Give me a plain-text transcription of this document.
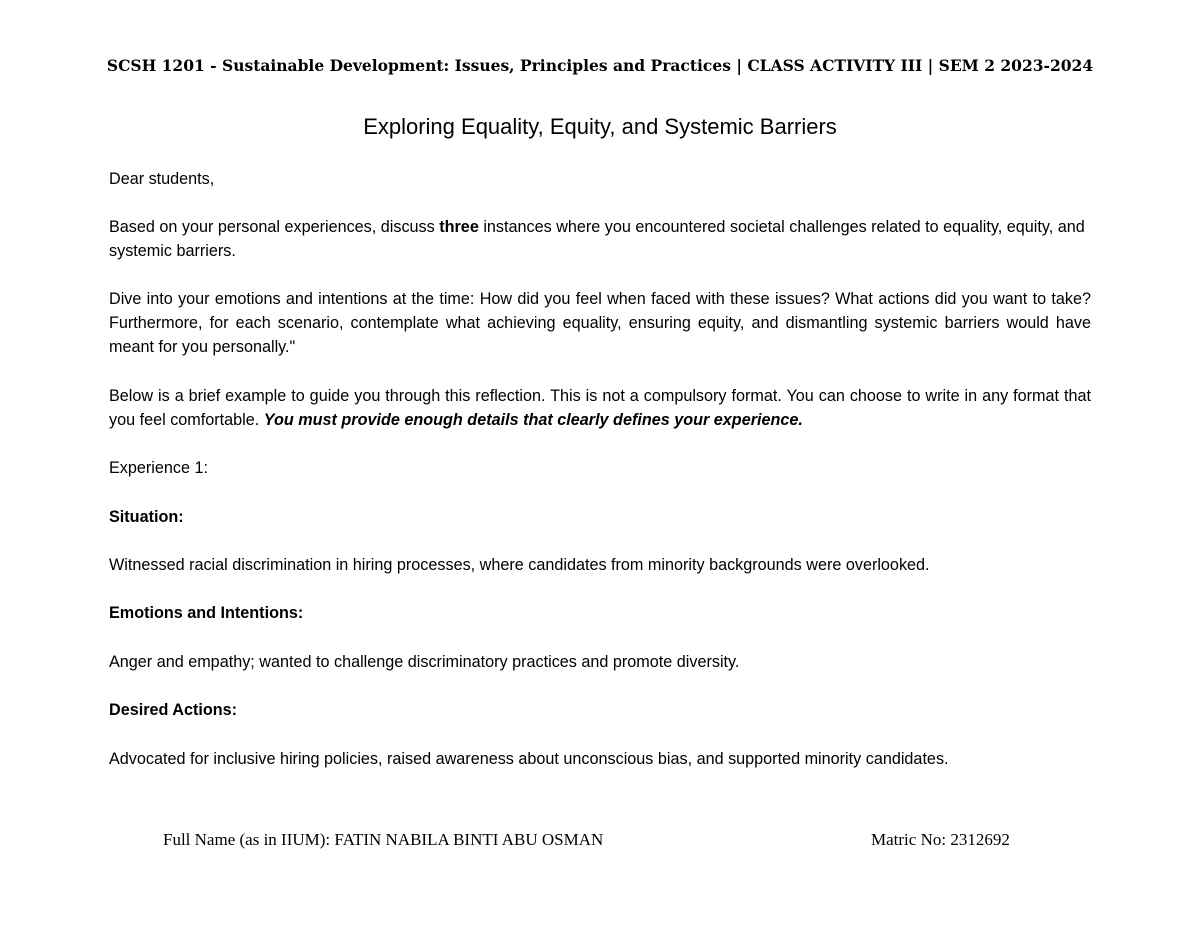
SCSH 1201 - Sustainable Development: Issues, Principles and Practices | CLASS ACTIVITY III | SEM 2 2023-2024
Exploring Equality, Equity, and Systemic Barriers
Dear students,
Based on your personal experiences, discuss three instances where you encountered societal challenges related to equality, equity, and systemic barriers.
Dive into your emotions and intentions at the time: How did you feel when faced with these issues? What actions did you want to take? Furthermore, for each scenario, contemplate what achieving equality, ensuring equity, and dismantling systemic barriers would have meant for you personally."
Below is a brief example to guide you through this reflection. This is not a compulsory format. You can choose to write in any format that you feel comfortable. You must provide enough details that clearly defines your experience.
Experience 1:
Situation:
Witnessed racial discrimination in hiring processes, where candidates from minority backgrounds were overlooked.
Emotions and Intentions:
Anger and empathy; wanted to challenge discriminatory practices and promote diversity.
Desired Actions:
Advocated for inclusive hiring policies, raised awareness about unconscious bias, and supported minority candidates.
Full Name (as in IIUM): FATIN NABILA BINTI ABU OSMAN	Matric No: 2312692
